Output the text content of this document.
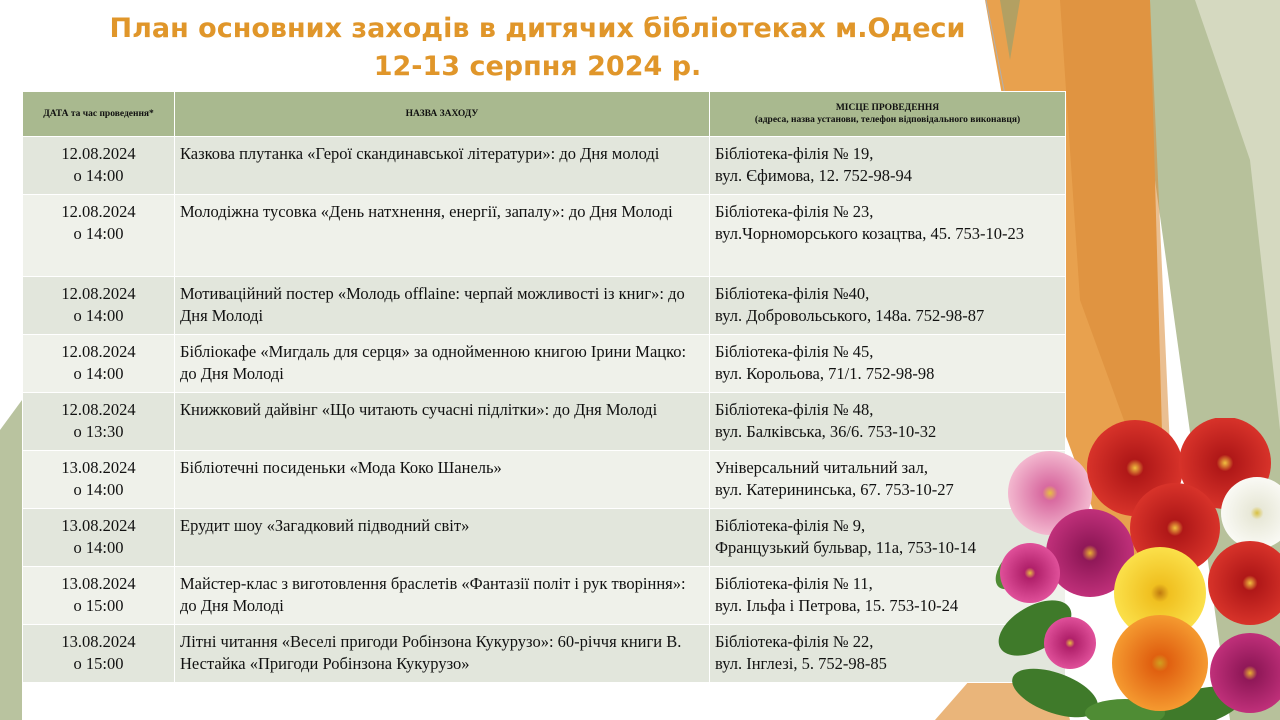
План основних заходів в дитячих бібліотеках м.Одеси
12-13 серпня 2024 р.
ДАТА та час проведення*	НАЗВА ЗАХОДУ	МІСЦЕ ПРОВЕДЕННЯ
(адреса, назва установи, телефон відповідального виконавця)

12.08.2024
о 14:00	Казкова плутанка «Герої скандинавської літератури»: до Дня молоді	Бібліотека-філія № 19,
вул. Єфимова, 12. 752-98-94

12.08.2024
о 14:00	Молодіжна тусовка «День натхнення, енергії, запалу»: до Дня Молоді	Бібліотека-філія № 23,
вул.Чорноморського козацтва, 45. 753-10-23

12.08.2024
о 14:00	Мотиваційний постер «Молодь offlaine: черпай можливості із книг»: до Дня Молоді	Бібліотека-філія №40,
вул. Добровольського, 148а. 752-98-87

12.08.2024
о 14:00	Бібліокафе «Мигдаль для серця» за однойменною книгою Ірини Мацко: до Дня Молоді	Бібліотека-філія № 45,
вул. Корольова, 71/1. 752-98-98

12.08.2024
о 13:30	Книжковий дайвінг «Що читають сучасні підлітки»: до Дня Молоді	Бібліотека-філія № 48,
вул. Балківська, 36/6. 753-10-32

13.08.2024
о 14:00	Бібліотечні посиденьки «Мода Коко Шанель»	Універсальний читальний зал,
вул. Катерининська, 67. 753-10-27

13.08.2024
о 14:00	Ерудит шоу «Загадковий підводний світ»	Бібліотека-філія № 9,
Французький бульвар, 11а, 753-10-14

13.08.2024
о 15:00	Майстер-клас з виготовлення браслетів «Фантазії політ і рук творіння»: до Дня Молоді	Бібліотека-філія № 11,
вул. Ільфа і Петрова, 15. 753-10-24

13.08.2024
о 15:00	Літні читання «Веселі пригоди Робінзона Кукурузо»: 60-річчя книги В. Нестайка «Пригоди Робінзона Кукурузо»	Бібліотека-філія № 22,
вул. Інглезі, 5. 752-98-85
